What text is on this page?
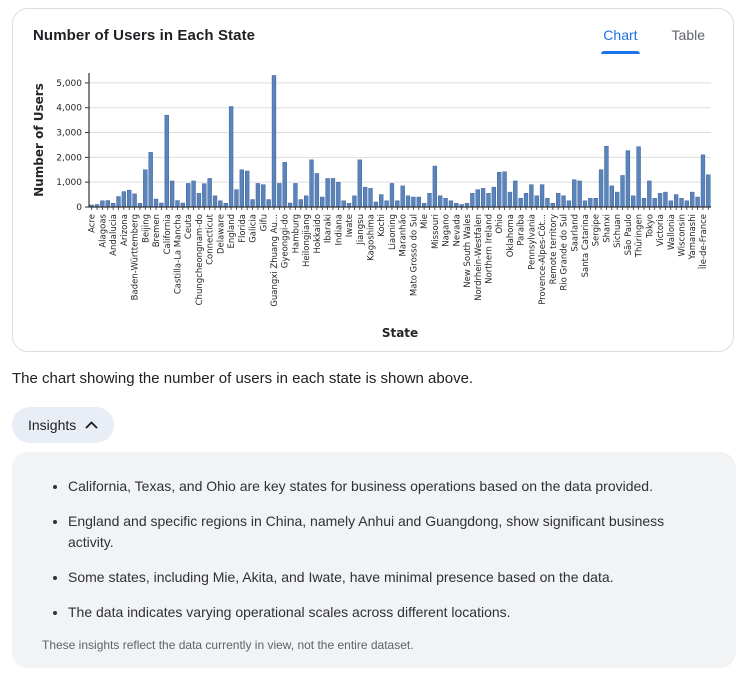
Number of Users in Each State	Chart Table
0
1,000
2,000
3,000
4,000
5,000
Acre Alagoas Andalucia Arizona Baden-Württemberg Beijing Bremen California Castilla-La Mancha Ceuta Chungcheongnam-do Connecticut Delaware England Florida Galicia Gifu Guangxi Zhuang Au... Gyeonggi-do Hamburg Heilongjiang Hokkaido Ibaraki Indiana Iwate Jiangsu Kagoshima Kochi Liaoning Maranhão Mato Grosso do Sul Mie Missouri Nagano Nevada New South Wales Nordrhein-Westfalen Northern Ireland Ohio Oklahoma Paraíba Pennsylvania Provence-Alpes-Côt... Remote territory Rio Grande do Sul Saarland Santa Catarina Sergipe Shanxi Sichuan São Paulo Thüringen Tokyo Victoria Wallonia Wisconsin Yamanashi Île-de-France
Number of Users
State
The chart showing the number of users in each state is shown above.
Insights
• California, Texas, and Ohio are key states for business operations based on the data provided.
• England and specific regions in China, namely Anhui and Guangdong, show significant business activity.
• Some states, including Mie, Akita, and Iwate, have minimal presence based on the data.
• The data indicates varying operational scales across different locations.
These insights reflect the data currently in view, not the entire dataset.
